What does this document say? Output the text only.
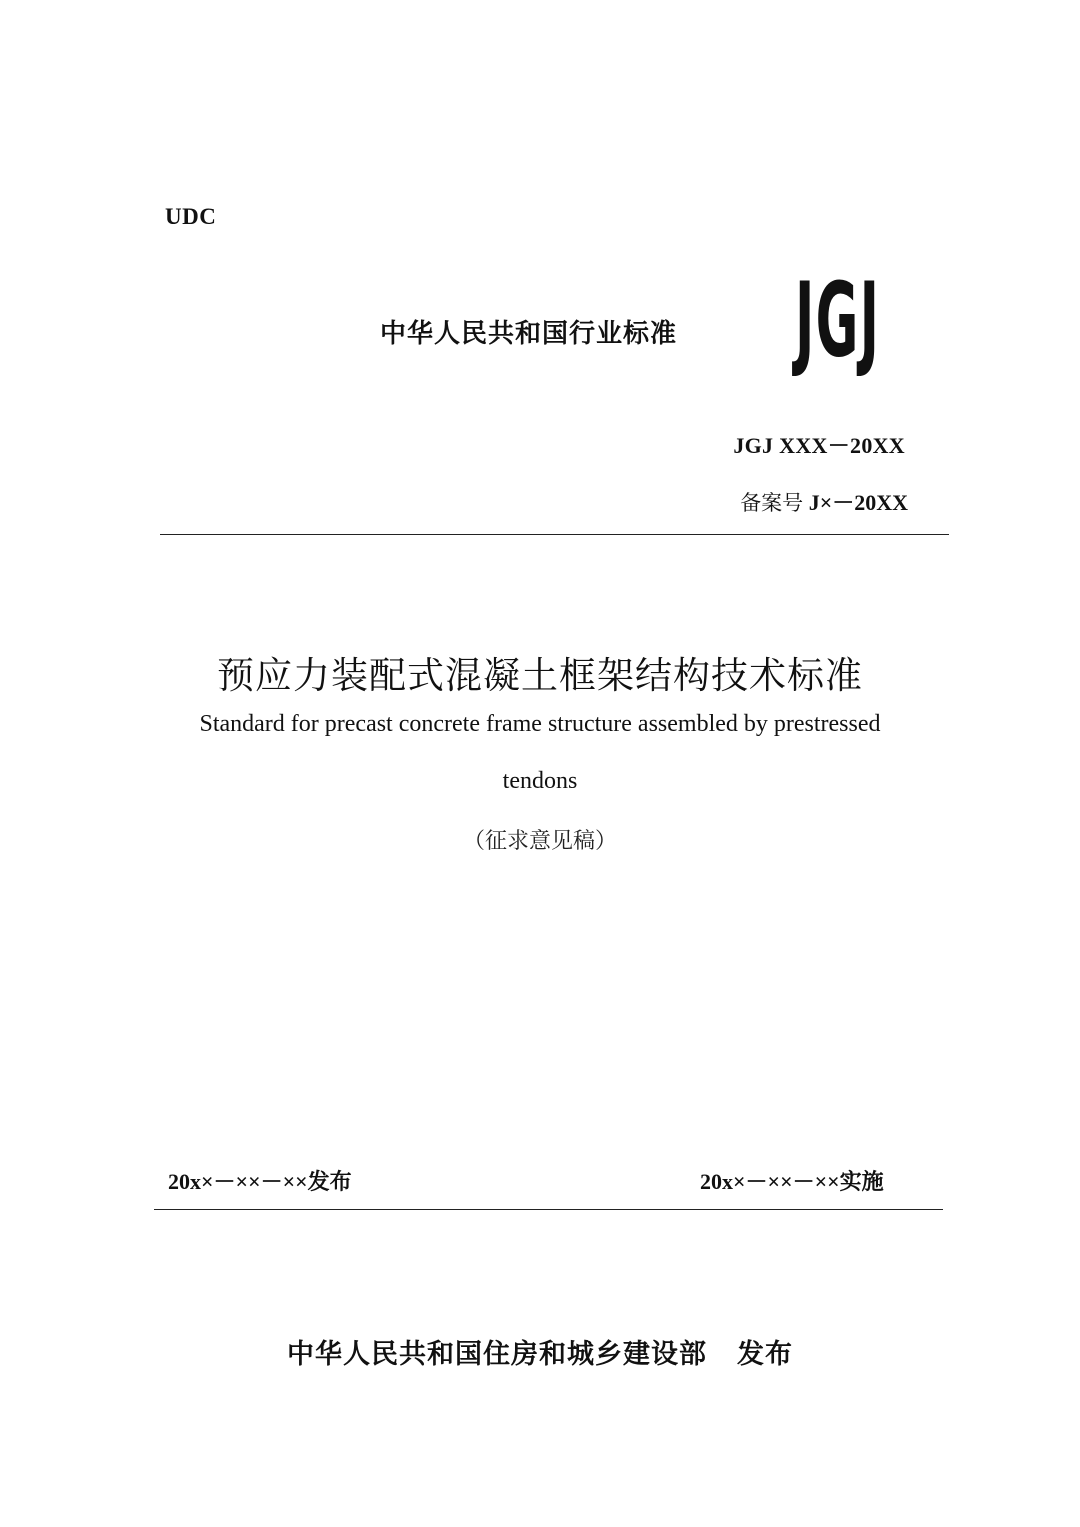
UDC
中华人民共和国行业标准 JGJ
JGJ XXX－20XX
备案号 J×－20XX
预应力装配式混凝土框架结构技术标准
Standard for precast concrete frame structure assembled by prestressed
tendons
（征求意见稿）
20x×－××－××发布	20x×－××－××实施
中华人民共和国住房和城乡建设部 发布
